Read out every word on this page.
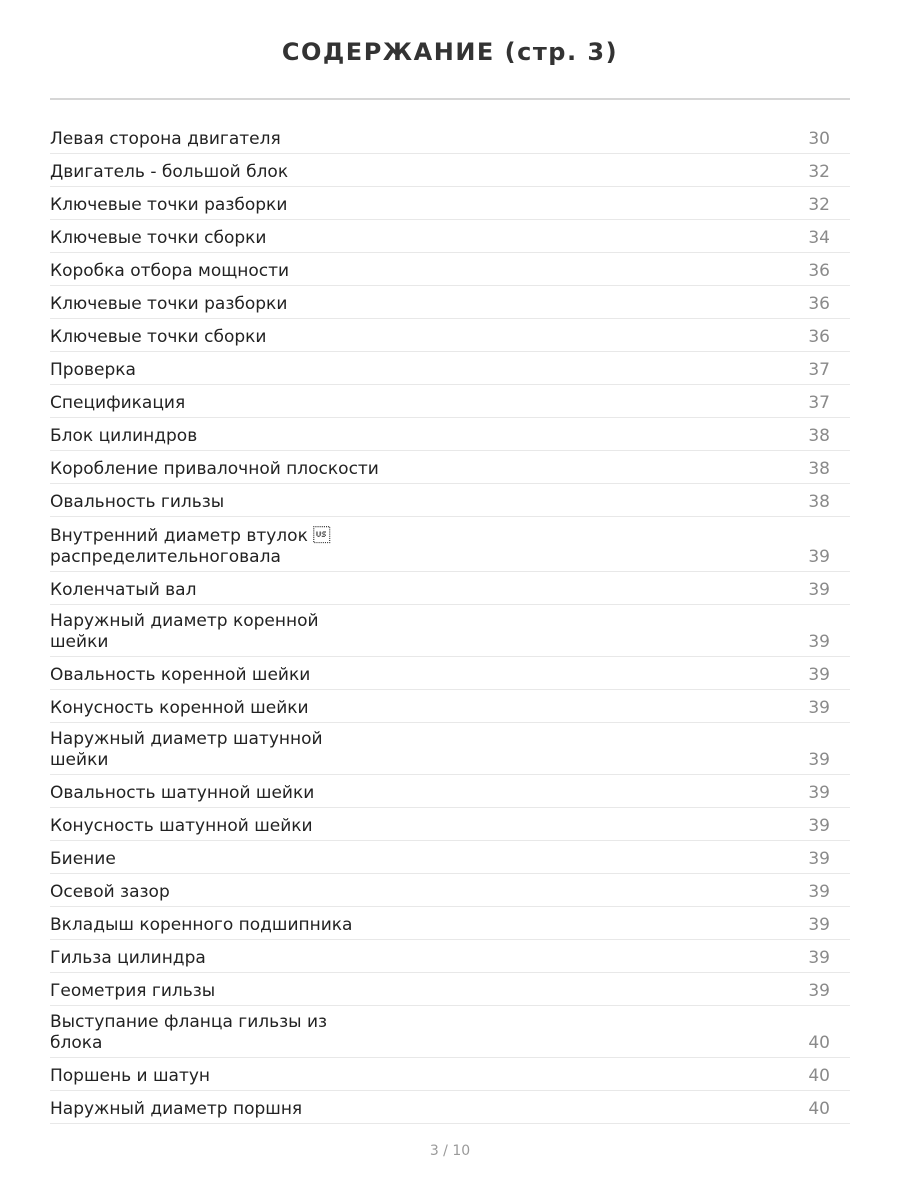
СОДЕРЖАНИЕ (стр. 3)
Левая сторона двигателя	30
Двигатель - большой блок	32
Ключевые точки разборки	32
Ключевые точки сборки	34
Коробка отбора мощности	36
Ключевые точки разборки	36
Ключевые точки сборки	36
Проверка	37
Спецификация	37
Блок цилиндров	38
Коробление привалочной плоскости	38
Овальность гильзы	38
Внутренний диаметр втулок 
распределительноговала	39
Коленчатый вал	39
Наружный диаметр коренной шейки	39
Овальность коренной шейки	39
Конусность коренной шейки	39
Наружный диаметр шатунной шейки	39
Овальность шатунной шейки	39
Конусность шатунной шейки	39
Биение	39
Осевой зазор	39
Вкладыш коренного подшипника	39
Гильза цилиндра	39
Геометрия гильзы	39
Выступание фланца гильзы из блока	40
Поршень и шатун	40
Наружный диаметр поршня	40
3 / 10
